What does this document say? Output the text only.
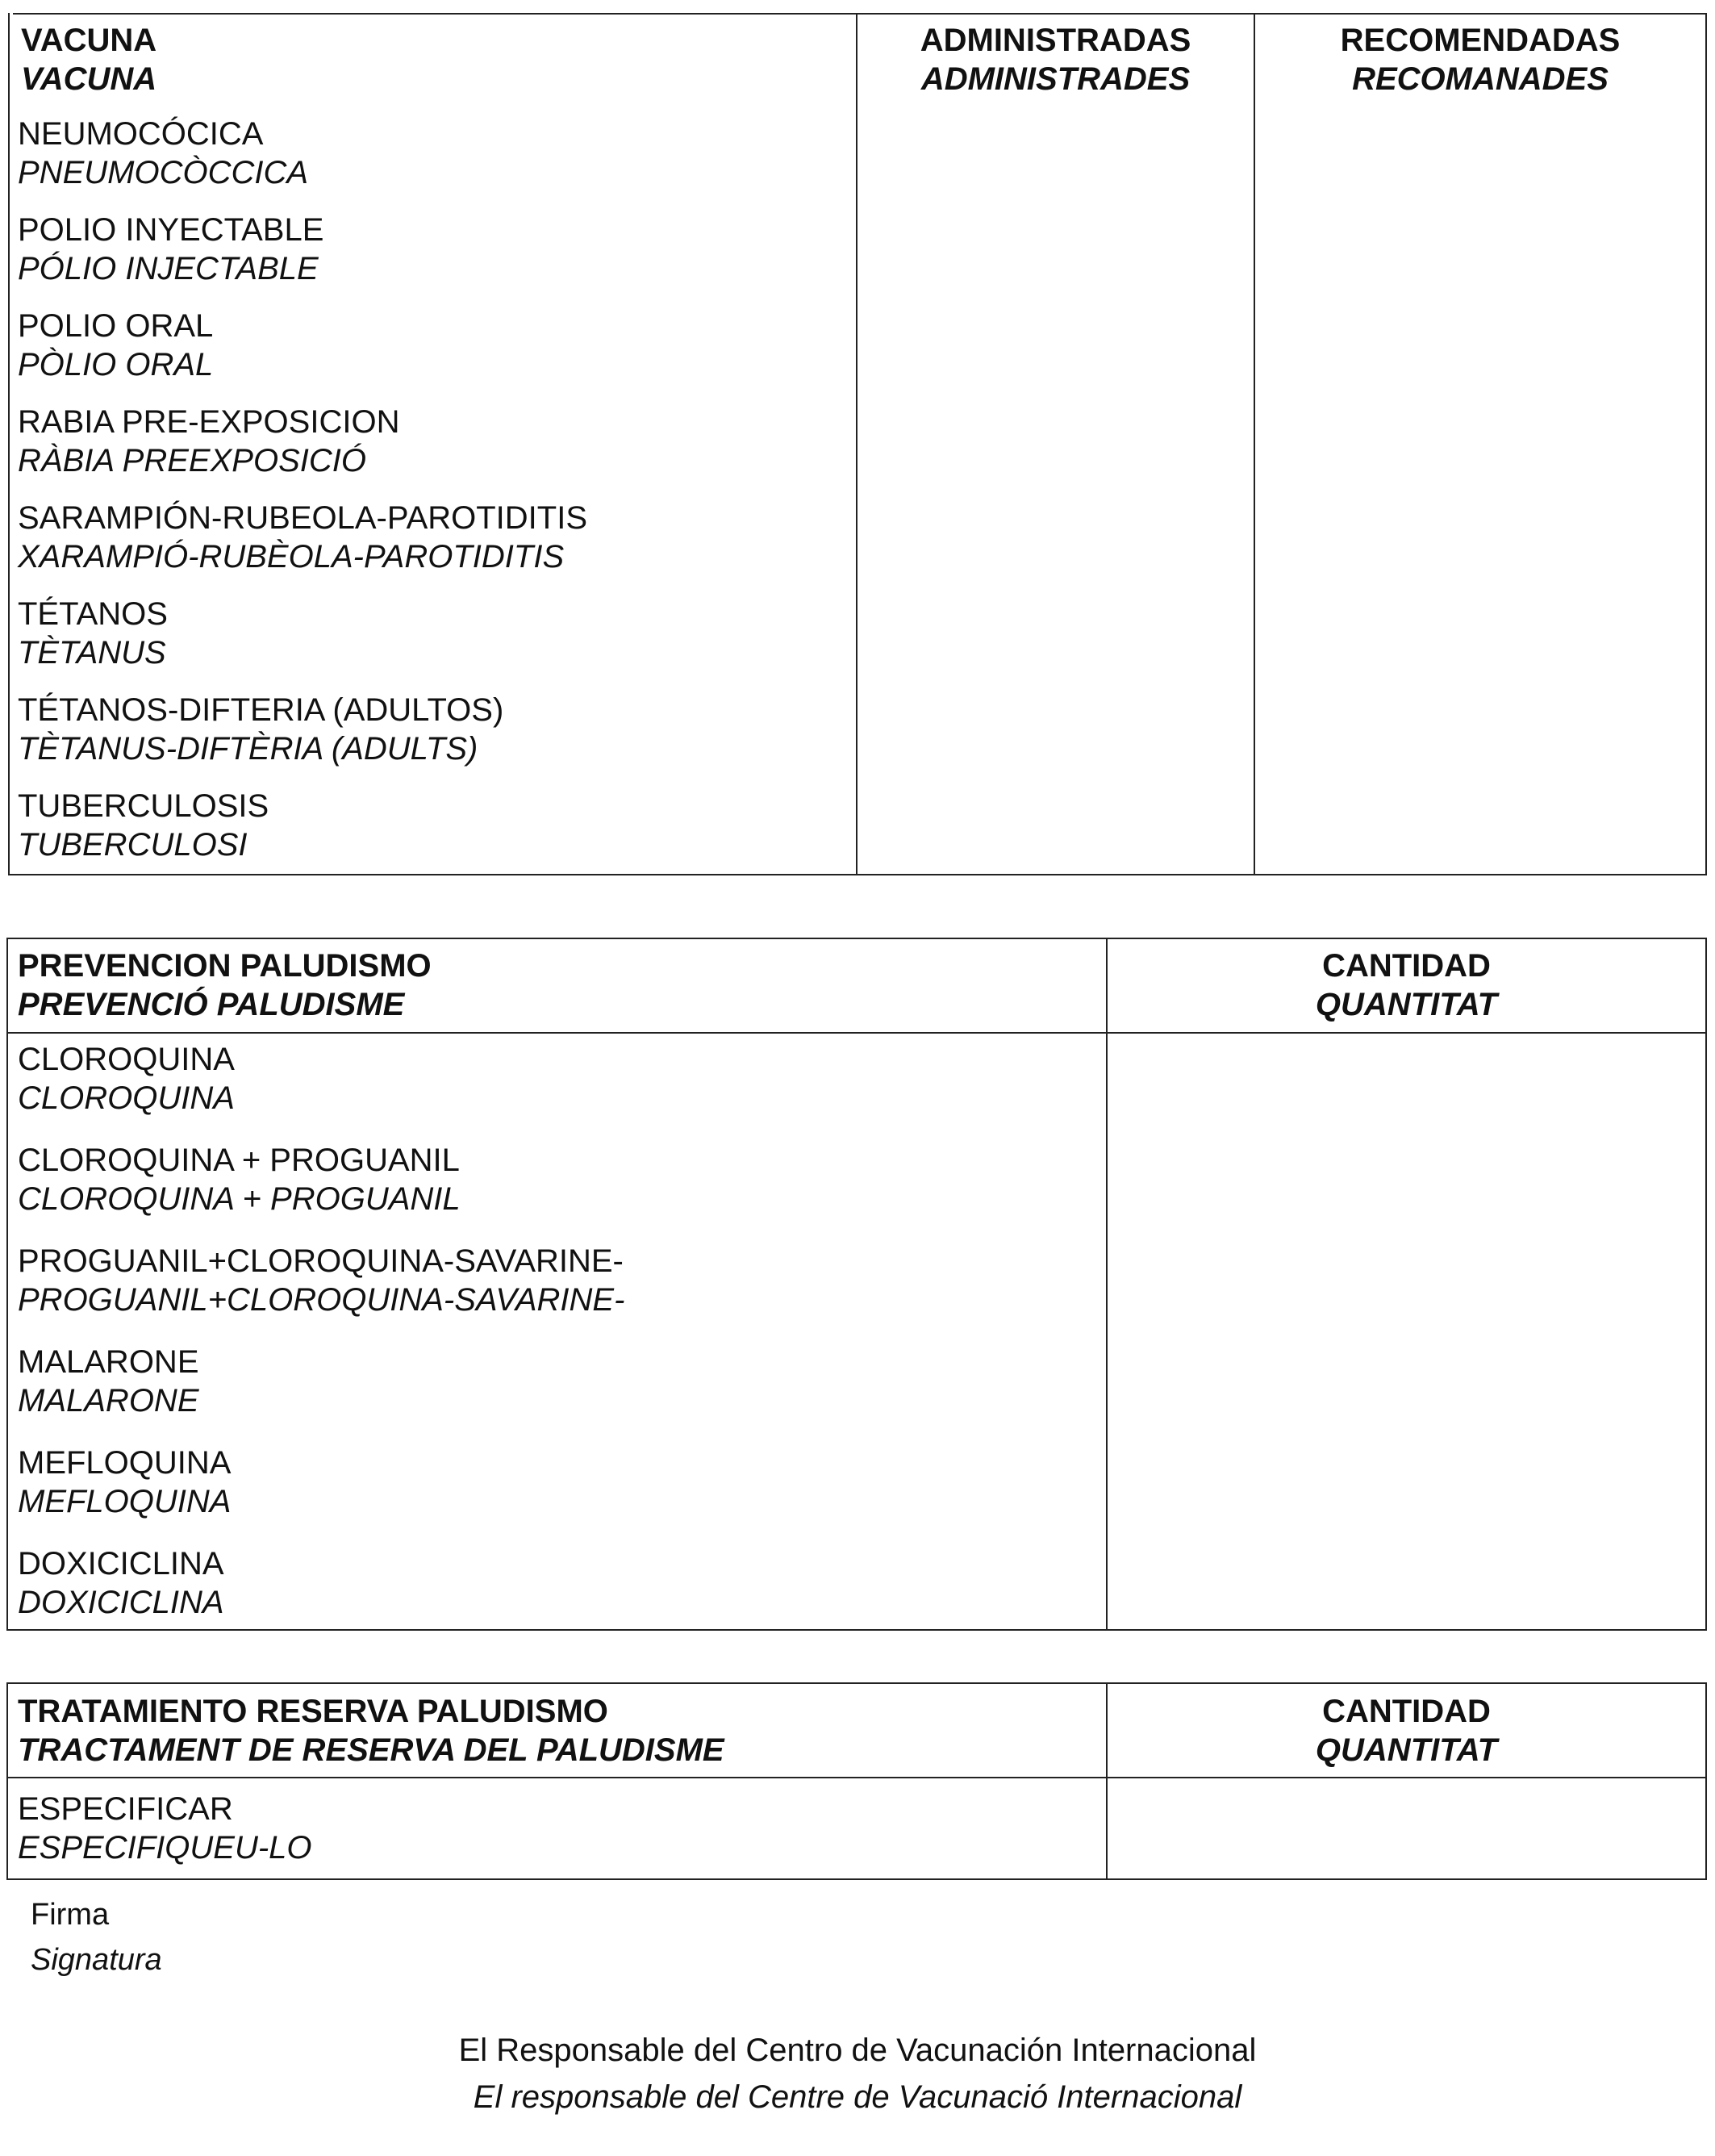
VACUNA
VACUNA
ADMINISTRADAS
ADMINISTRADES
RECOMENDADAS
RECOMANADES
NEUMOCÓCICA
PNEUMOCÒCCICA
POLIO INYECTABLE
PÓLIO INJECTABLE
POLIO ORAL
PÒLIO ORAL
RABIA PRE-EXPOSICION
RÀBIA PREEXPOSICIÓ
SARAMPIÓN-RUBEOLA-PAROTIDITIS
XARAMPIÓ-RUBÈOLA-PAROTIDITIS
TÉTANOS
TÈTANUS
TÉTANOS-DIFTERIA (ADULTOS)
TÈTANUS-DIFTÈRIA (ADULTS)
TUBERCULOSIS
TUBERCULOSI
PREVENCION PALUDISMO
PREVENCIÓ PALUDISME
CANTIDAD
QUANTITAT
CLOROQUINA
CLOROQUINA
CLOROQUINA + PROGUANIL
CLOROQUINA + PROGUANIL
PROGUANIL+CLOROQUINA-SAVARINE-
PROGUANIL+CLOROQUINA-SAVARINE-
MALARONE
MALARONE
MEFLOQUINA
MEFLOQUINA
DOXICICLINA
DOXICICLINA
TRATAMIENTO RESERVA PALUDISMO
TRACTAMENT DE RESERVA DEL PALUDISME
CANTIDAD
QUANTITAT
ESPECIFICAR
ESPECIFIQUEU-LO
Firma
Signatura
El Responsable del Centro de Vacunación Internacional
El responsable del Centre de Vacunació Internacional
